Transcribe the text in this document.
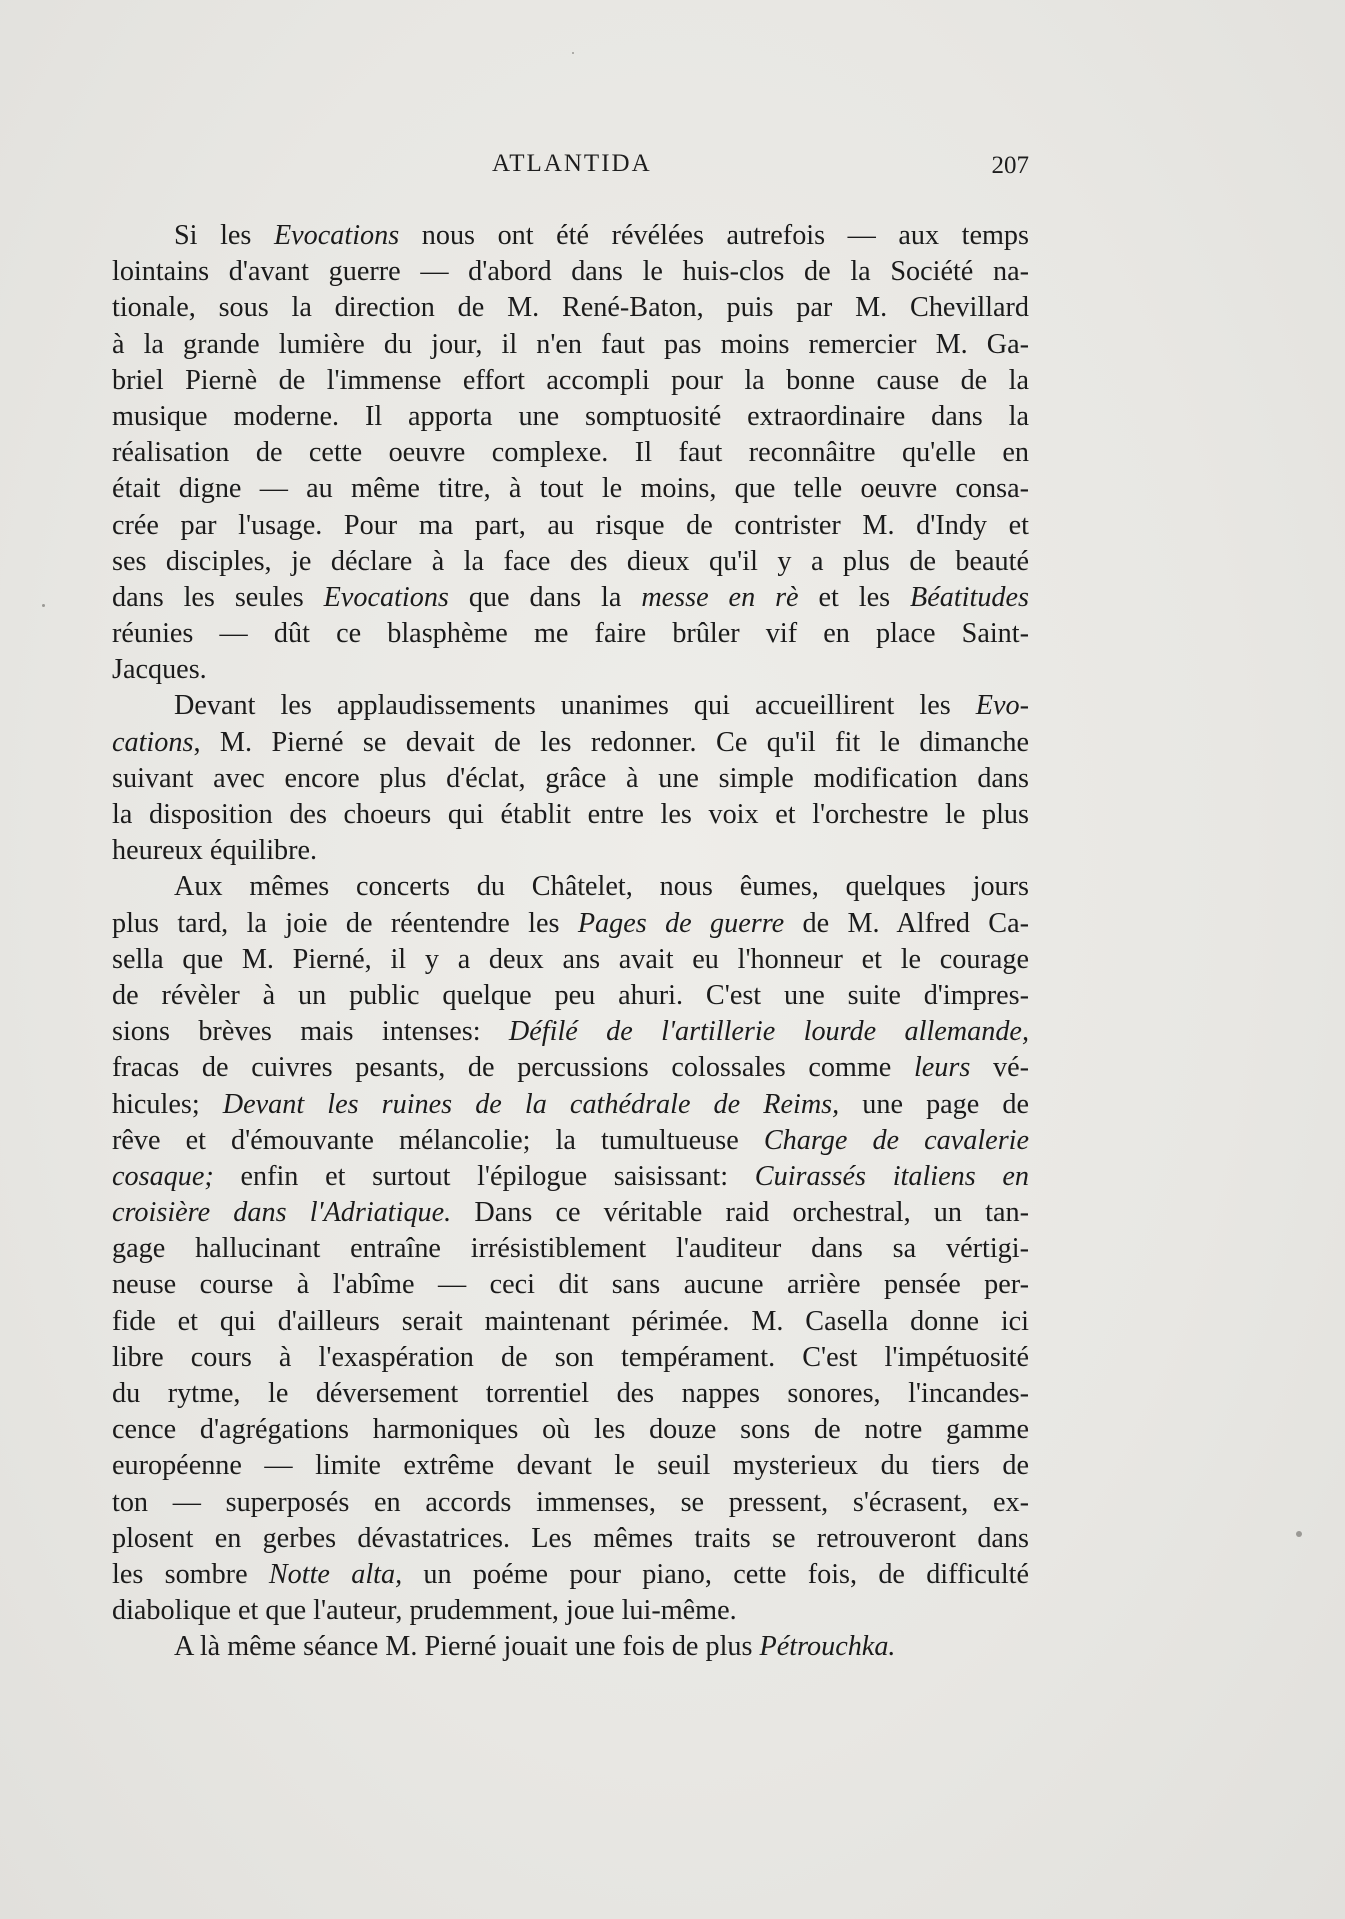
ATLANTIDA	207
Si les Evocations nous ont été révélées autrefois — aux temps
lointains d'avant guerre — d'abord dans le huis-clos de la Société na-
tionale, sous la direction de M. René-Baton, puis par M. Chevillard
à la grande lumière du jour, il n'en faut pas moins remercier M. Ga-
briel Piernè de l'immense effort accompli pour la bonne cause de la
musique moderne. Il apporta une somptuosité extraordinaire dans la
réalisation de cette oeuvre complexe. Il faut reconnâitre qu'elle en
était digne — au même titre, à tout le moins, que telle oeuvre consa-
crée par l'usage. Pour ma part, au risque de contrister M. d'Indy et
ses disciples, je déclare à la face des dieux qu'il y a plus de beauté
dans les seules Evocations que dans la messe en rè et les Béatitudes
réunies — dût ce blasphème me faire brûler vif en place Saint-
Jacques.
Devant les applaudissements unanimes qui accueillirent les Evo-
cations, M. Pierné se devait de les redonner. Ce qu'il fit le dimanche
suivant avec encore plus d'éclat, grâce à une simple modification dans
la disposition des choeurs qui établit entre les voix et l'orchestre le plus
heureux équilibre.
Aux mêmes concerts du Châtelet, nous êumes, quelques jours
plus tard, la joie de réentendre les Pages de guerre de M. Alfred Ca-
sella que M. Pierné, il y a deux ans avait eu l'honneur et le courage
de révèler à un public quelque peu ahuri. C'est une suite d'impres-
sions brèves mais intenses: Défilé de l'artillerie lourde allemande,
fracas de cuivres pesants, de percussions colossales comme leurs vé-
hicules; Devant les ruines de la cathédrale de Reims, une page de
rêve et d'émouvante mélancolie; la tumultueuse Charge de cavalerie
cosaque; enfin et surtout l'épilogue saisissant: Cuirassés italiens en
croisière dans l'Adriatique. Dans ce véritable raid orchestral, un tan-
gage hallucinant entraîne irrésistiblement l'auditeur dans sa vértigi-
neuse course à l'abîme — ceci dit sans aucune arrière pensée per-
fide et qui d'ailleurs serait maintenant périmée. M. Casella donne ici
libre cours à l'exaspération de son tempérament. C'est l'impétuosité
du rytme, le déversement torrentiel des nappes sonores, l'incandes-
cence d'agrégations harmoniques où les douze sons de notre gamme
européenne — limite extrême devant le seuil mysterieux du tiers de
ton — superposés en accords immenses, se pressent, s'écrasent, ex-
plosent en gerbes dévastatrices. Les mêmes traits se retrouveront dans
les sombre Notte alta, un poéme pour piano, cette fois, de difficulté
diabolique et que l'auteur, prudemment, joue lui-même.
A là même séance M. Pierné jouait une fois de plus Pétrouchka.
